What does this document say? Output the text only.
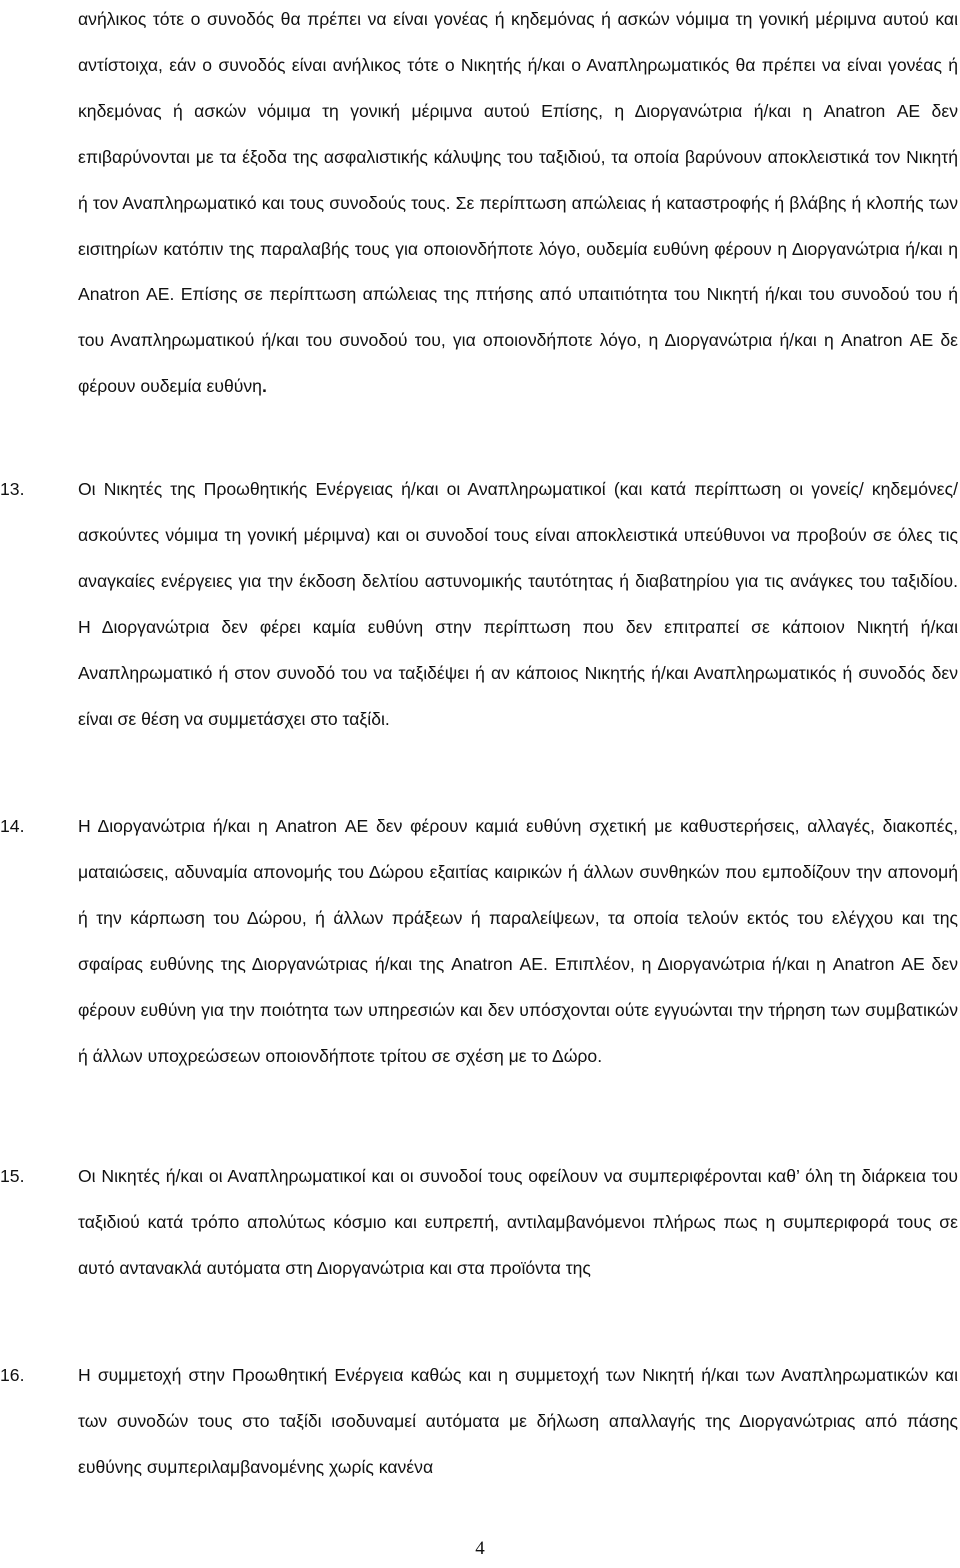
ανήλικος τότε ο συνοδός θα πρέπει να είναι γονέας ή κηδεμόνας ή ασκών νόμιμα τη γονική μέριμνα αυτού και αντίστοιχα, εάν ο συνοδός είναι ανήλικος τότε ο Νικητής ή/και ο Αναπληρωματικός θα πρέπει να είναι γονέας ή κηδεμόνας ή ασκών νόμιμα τη γονική μέριμνα αυτού Επίσης, η Διοργανώτρια ή/και η Anatron ΑΕ δεν επιβαρύνονται με τα έξοδα της ασφαλιστικής κάλυψης του ταξιδιού, τα οποία βαρύνουν αποκλειστικά τον Νικητή ή τον Αναπληρωματικό και τους συνοδούς τους. Σε περίπτωση απώλειας ή καταστροφής ή βλάβης ή κλοπής των εισιτηρίων κατόπιν της παραλαβής τους για οποιονδήποτε λόγο, ουδεμία ευθύνη φέρουν η Διοργανώτρια ή/και η Anatron ΑΕ. Επίσης σε περίπτωση απώλειας της πτήσης από υπαιτιότητα του Νικητή ή/και του συνοδού του ή του Αναπληρωματικού ή/και του συνοδού του, για οποιονδήποτε λόγο, η Διοργανώτρια ή/και η Anatron ΑΕ δε φέρουν ουδεμία ευθύνη.

13.	Οι Νικητές της Προωθητικής Ενέργειας ή/και οι Αναπληρωματικοί (και κατά περίπτωση οι γονείς/ κηδεμόνες/ ασκούντες νόμιμα τη γονική μέριμνα) και οι συνοδοί τους είναι αποκλειστικά υπεύθυνοι να προβούν σε όλες τις αναγκαίες ενέργειες για την έκδοση δελτίου αστυνομικής ταυτότητας ή διαβατηρίου για τις ανάγκες του ταξιδίου. Η Διοργανώτρια δεν φέρει καμία ευθύνη στην περίπτωση που δεν επιτραπεί σε κάποιον Νικητή ή/και Αναπληρωματικό ή στον συνοδό του να ταξιδέψει ή αν κάποιος Νικητής ή/και Αναπληρωματικός ή συνοδός δεν είναι σε θέση να συμμετάσχει στο ταξίδι.

14.	Η Διοργανώτρια ή/και η Anatron ΑΕ δεν φέρουν καμιά ευθύνη σχετική με καθυστερήσεις, αλλαγές, διακοπές, ματαιώσεις, αδυναμία απονομής του Δώρου εξαιτίας καιρικών ή άλλων συνθηκών που εμποδίζουν την απονομή ή την κάρπωση του Δώρου, ή άλλων πράξεων ή παραλείψεων, τα οποία τελούν εκτός του ελέγχου και της σφαίρας ευθύνης της Διοργανώτριας ή/και της Anatron ΑΕ. Επιπλέον, η Διοργανώτρια ή/και η Anatron ΑΕ δεν φέρουν ευθύνη για την ποιότητα των υπηρεσιών και δεν υπόσχονται ούτε εγγυώνται την τήρηση των συμβατικών ή άλλων υποχρεώσεων οποιονδήποτε τρίτου σε σχέση με το Δώρο.

15.	Οι Νικητές ή/και οι Αναπληρωματικοί και οι συνοδοί τους οφείλουν να συμπεριφέρονται καθ’ όλη τη διάρκεια του ταξιδιού κατά τρόπο απολύτως κόσμιο και ευπρεπή, αντιλαμβανόμενοι πλήρως πως η συμπεριφορά τους σε αυτό αντανακλά αυτόματα στη Διοργανώτρια και στα προϊόντα της

16.	Η συμμετοχή στην Προωθητική Ενέργεια καθώς και η συμμετοχή των Νικητή ή/και των Αναπληρωματικών και των συνοδών τους στο ταξίδι ισοδυναμεί αυτόματα με δήλωση απαλλαγής της Διοργανώτριας από πάσης ευθύνης συμπεριλαμβανομένης χωρίς κανένα

4
